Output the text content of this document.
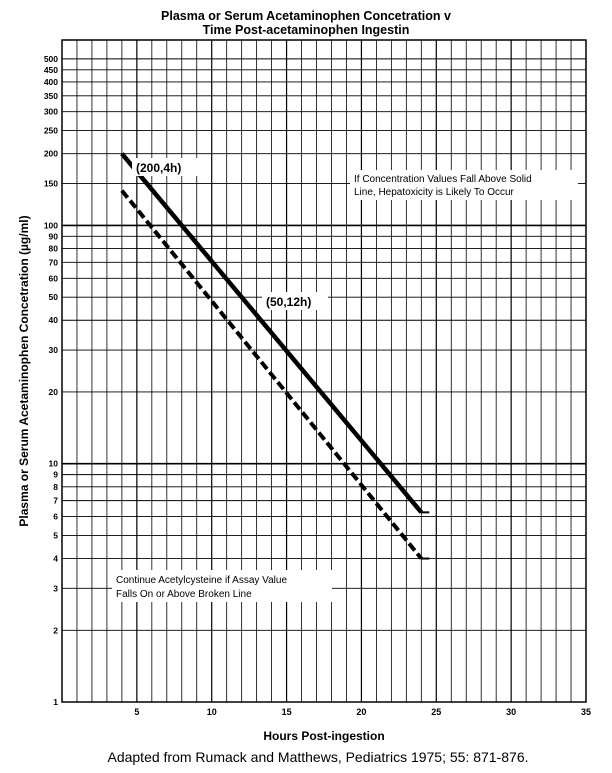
Plasma or Serum Acetaminophen Concetration v
Time Post-acetaminophen Ingestin
1
2
3
4
5
6
7
8
9
10
20
30
40
50
60
70
80
90
100
150
200
250
300
350
400
450
500
5	10	15	20	25	30	35
If Concentration Values Fall Above Solid
Line, Hepatoxicity is Likely To Occur
Continue Acetylcysteine if Assay Value
Falls On or Above Broken Line
(200,4h)
(50,12h)
Hours Post-ingestion
Plasma or Serum Acetaminophen Concetration (µg/ml)
Adapted from Rumack and Matthews, Pediatrics 1975; 55: 871-876.
